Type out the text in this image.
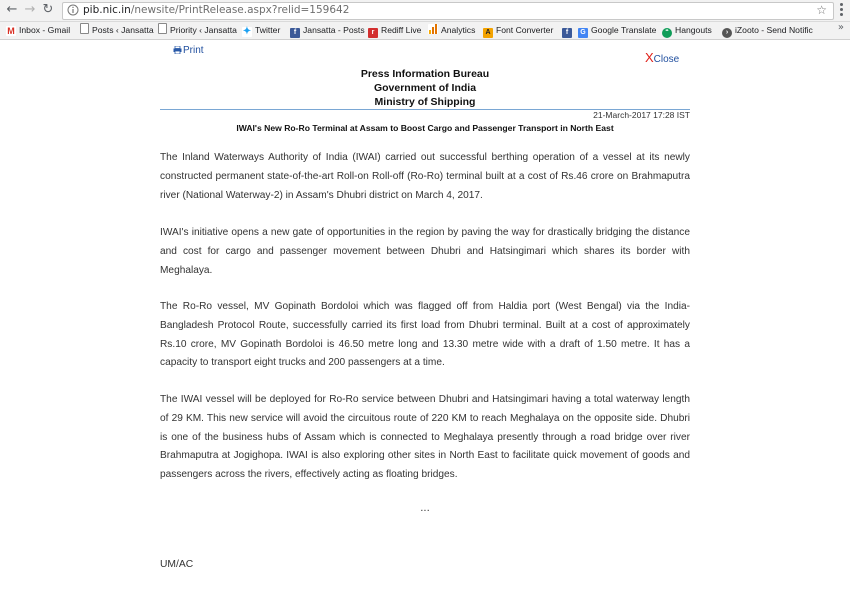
← → ↻	pib.nic.in/newsite/PrintRelease.aspx?relid=159642	☆
M Inbox - Gmail	Posts ‹ Jansatta	Priority ‹ Jansatta ✦ Twitter	f Jansatta - Posts	r Rediff Live	Analytics	A Font Converter	f	G Google Translate	“ Hangouts	› iZooto - Send Notific	»
Print	XClose
Press Information Bureau
Government of India
Ministry of Shipping
21-March-2017 17:28 IST
IWAI's New Ro-Ro Terminal at Assam to Boost Cargo and Passenger Transport in North East

The Inland Waterways Authority of India (IWAI) carried out successful berthing operation of a vessel at its newly constructed permanent state-of-the-art Roll-on Roll-off (Ro-Ro) terminal built at a cost of Rs.46 crore on Brahmaputra river (National Waterway-2) in Assam's Dhubri district on March 4, 2017.

IWAI's initiative opens a new gate of opportunities in the region by paving the way for drastically bridging the distance and cost for cargo and passenger movement between Dhubri and Hatsingimari which shares its border with Meghalaya.

The Ro-Ro vessel, MV Gopinath Bordoloi which was flagged off from Haldia port (West Bengal) via the India-Bangladesh Protocol Route, successfully carried its first load from Dhubri terminal. Built at a cost of approximately Rs.10 crore, MV Gopinath Bordoloi is 46.50 metre long and 13.30 metre wide with a draft of 1.50 metre. It has a capacity to transport eight trucks and 200 passengers at a time.

The IWAI vessel will be deployed for Ro-Ro service between Dhubri and Hatsingimari having a total waterway length of 29 KM. This new service will avoid the circuitous route of 220 KM to reach Meghalaya on the opposite side. Dhubri is one of the business hubs of Assam which is connected to Meghalaya presently through a road bridge over river Brahmaputra at Jogighopa. IWAI is also exploring other sites in North East to facilitate quick movement of goods and passengers across the rivers, effectively acting as floating bridges.

...
UM/AC
